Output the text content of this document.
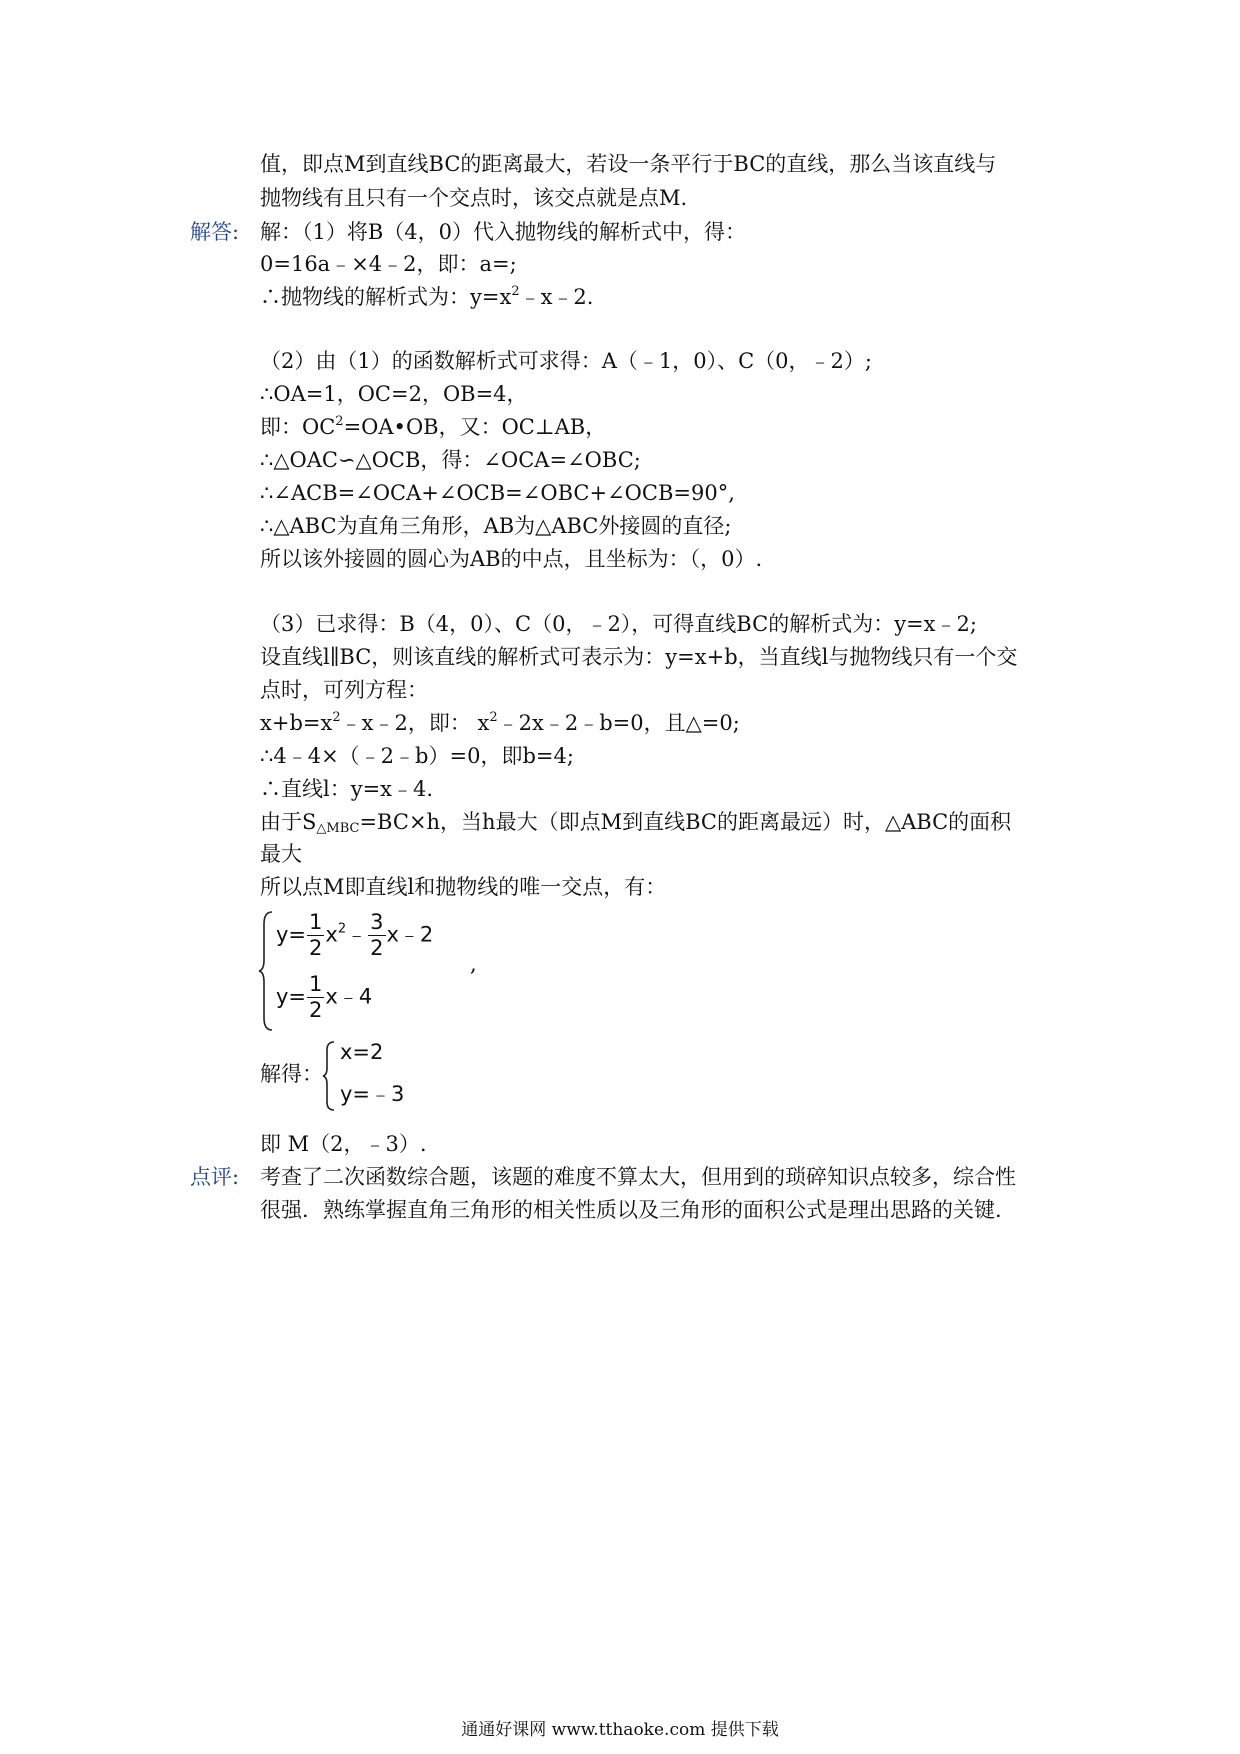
值，即点M到直线BC的距离最大，若设一条平行于BC的直线，那么当该直线与
抛物线有且只有一个交点时，该交点就是点M.
解答: 解：（1）将B（4，0）代入抛物线的解析式中，得：
0=16a﹣×4﹣2，即：a=;
∴抛物线的解析式为：$y=x^2﹣x﹣2$.
（2）由（1）的函数解析式可求得：A（﹣1，0）、C（0，﹣2）;
∴OA=1，OC=2，OB=4，
即：$OC^2=OA•OB$，又：OC⊥AB，
∴△OAC∽△OCB，得：∠OCA=∠OBC;
∴∠ACB=∠OCA+∠OCB=∠OBC+∠OCB=90°,
∴△ABC为直角三角形，AB为△ABC外接圆的直径;
所以该外接圆的圆心为AB的中点，且坐标为：（，0）.
（3）已求得：B（4，0）、C（0，﹣2），可得直线BC的解析式为：y=x﹣2;
设直线l∥BC，则该直线的解析式可表示为：y=x+b，当直线l与抛物线只有一个交
点时，可列方程：
$x+b=x^2﹣x﹣2$，即： $x^2﹣2x﹣2﹣b=0$，且△=0;
∴4﹣4×（﹣2﹣b）=0，即b=4;
∴直线l：y=x﹣4.
由于$S_{\triangle MBC}=BC\times h$，当h最大（即点M到直线BC的距离最远）时，△ABC的面积
最大
所以点M即直线l和抛物线的唯一交点，有：
$y= \frac{1}{2}$ $x^2﹣ \frac{3}{2}$ x﹣2
$y= \frac{1}{2}$ x﹣4
,
解得：
x=2
y=﹣3
即 M（2，﹣3）.
点评: 考查了二次函数综合题，该题的难度不算太大，但用到的琐碎知识点较多，综合性
很强．熟练掌握直角三角形的相关性质以及三角形的面积公式是理出思路的关键.
通通好课网 www.tthaoke.com 提供下载
